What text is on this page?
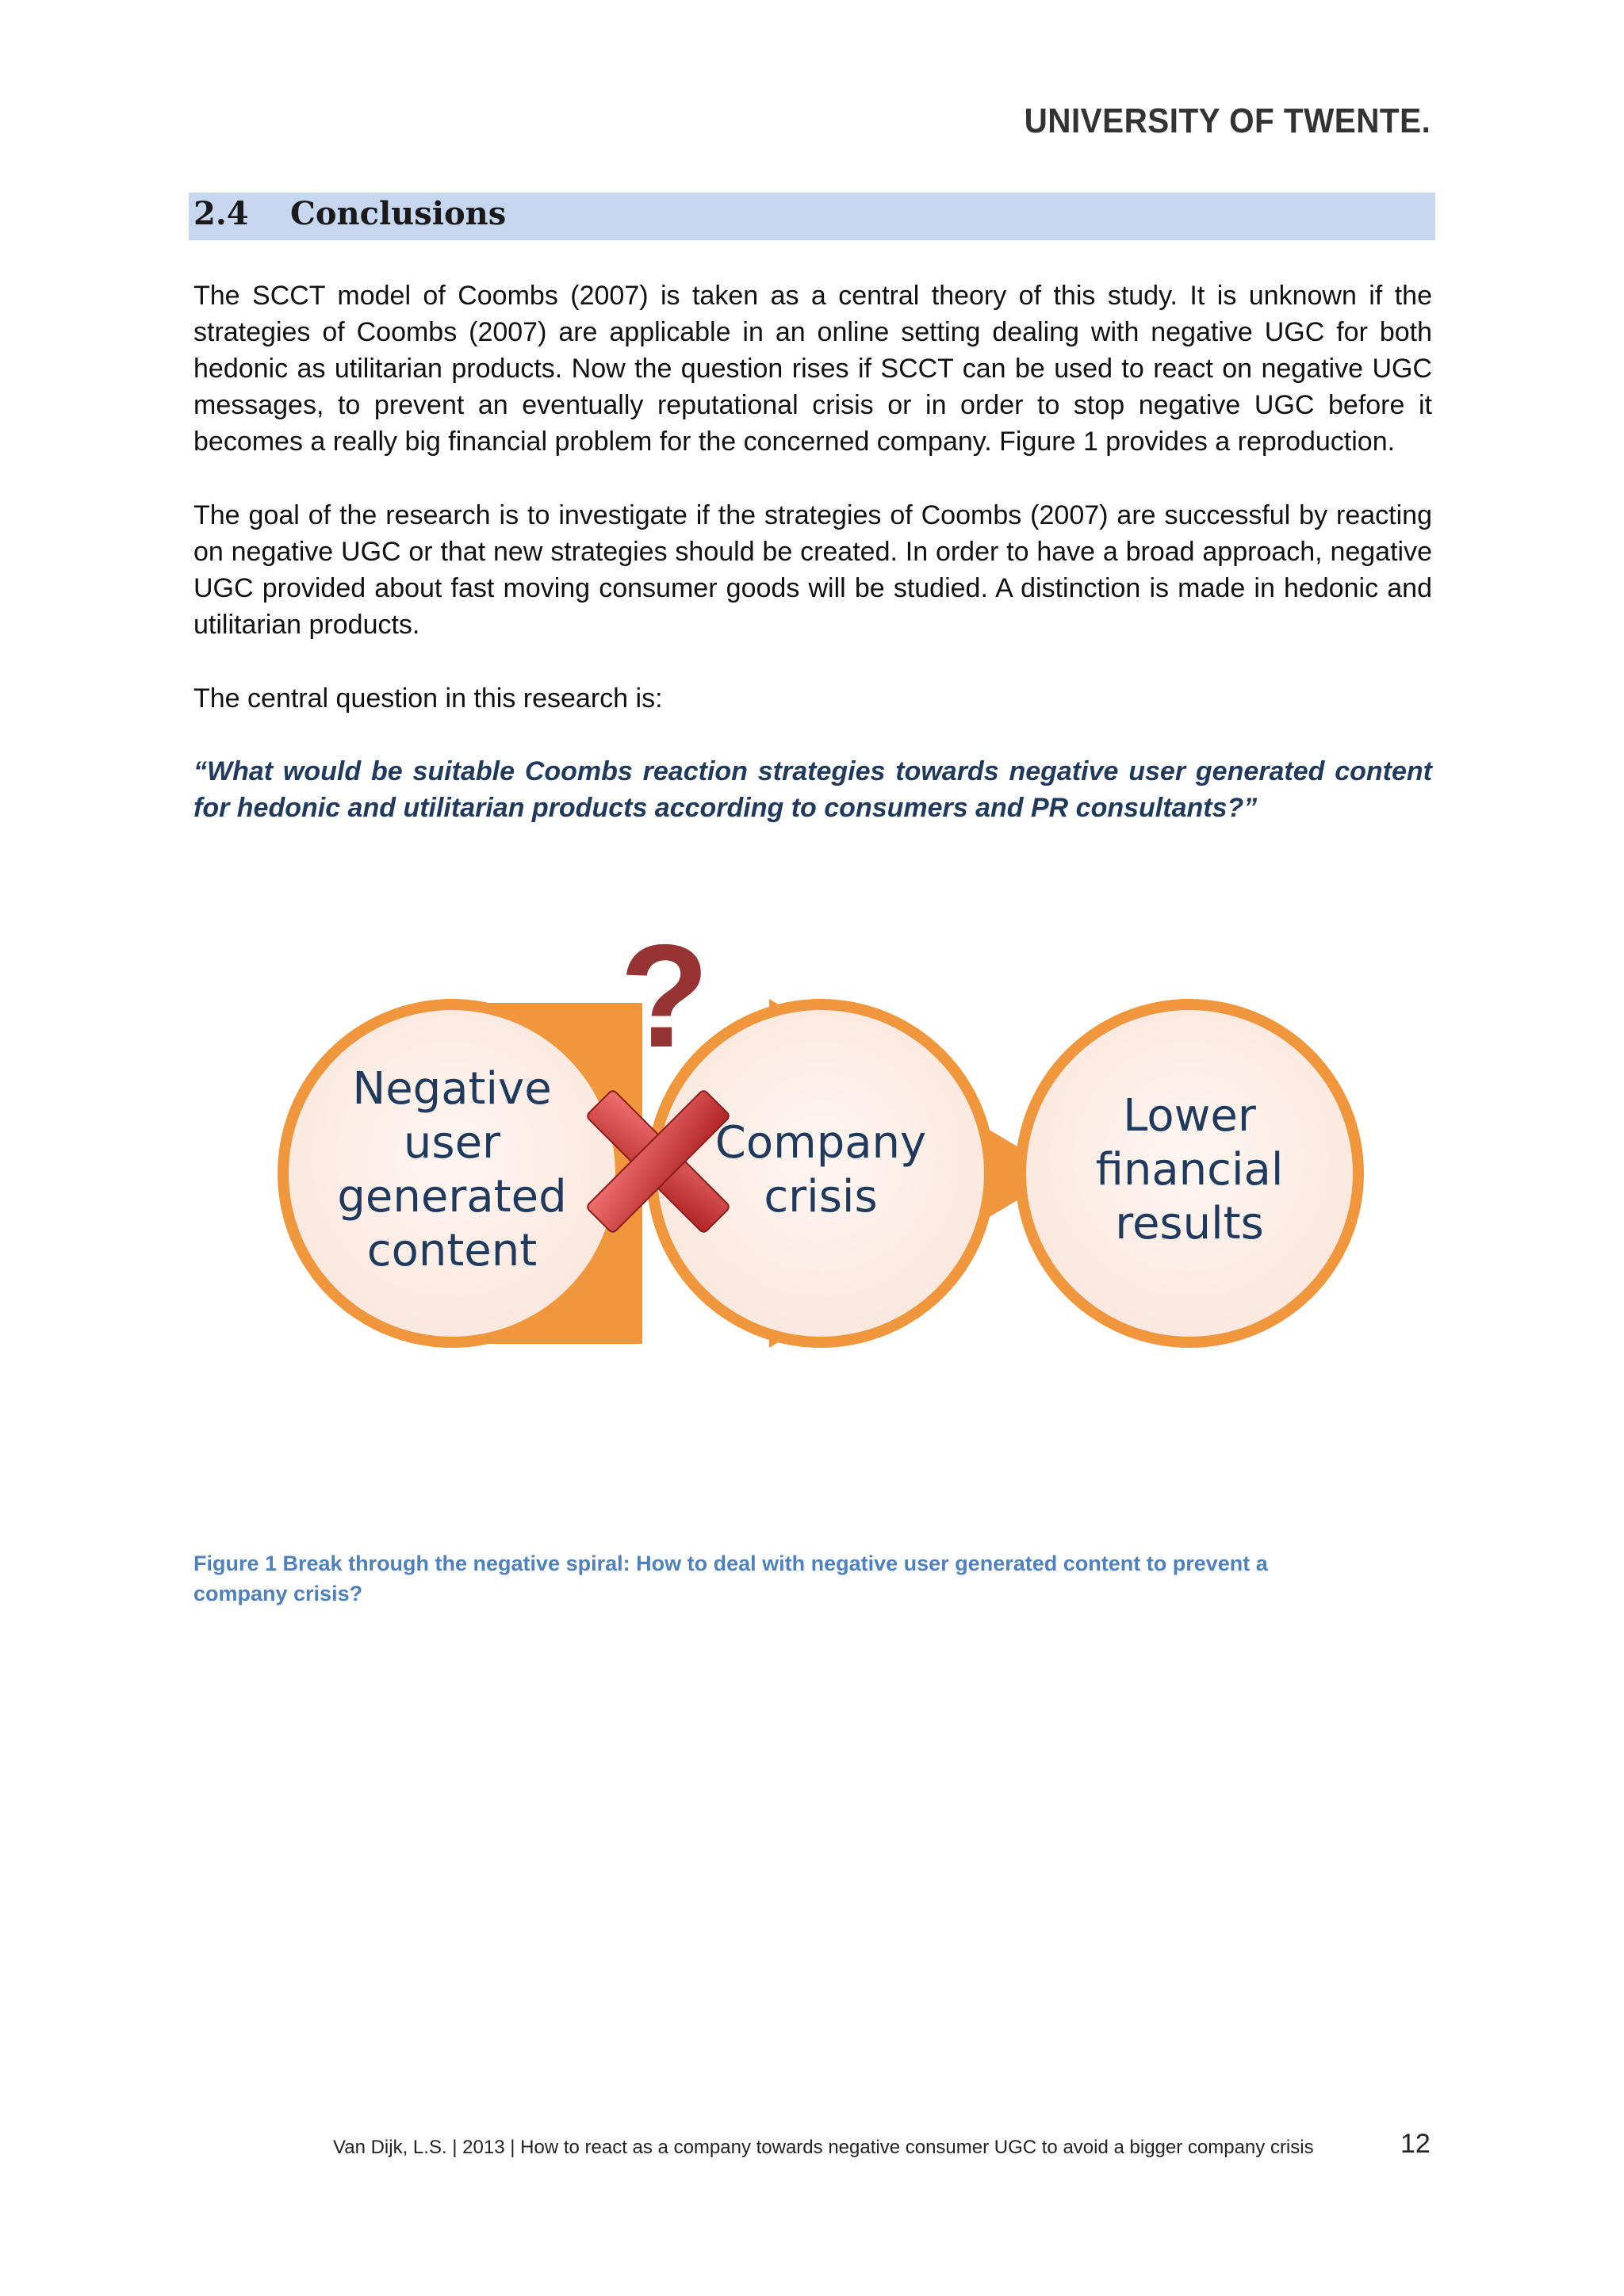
UNIVERSITY OF TWENTE.
2.4 Conclusions

The SCCT model of Coombs (2007) is taken as a central theory of this study. It is unknown if the strategies of Coombs (2007) are applicable in an online setting dealing with negative UGC for both hedonic as utilitarian products. Now the question rises if SCCT can be used to react on negative UGC messages, to prevent an eventually reputational crisis or in order to stop negative UGC before it becomes a really big financial problem for the concerned company. Figure 1 provides a reproduction.

The goal of the research is to investigate if the strategies of Coombs (2007) are successful by reacting on negative UGC or that new strategies should be created. In order to have a broad approach, negative UGC provided about fast moving consumer goods will be studied. A distinction is made in hedonic and utilitarian products.

The central question in this research is:

“What would be suitable Coombs reaction strategies towards negative user generated content for hedonic and utilitarian products according to consumers and PR consultants?”

?
Negative
user
generated
content
Company
crisis
Lower
financial
results

Figure 1 Break through the negative spiral: How to deal with negative user generated content to prevent a company crisis?

Van Dijk, L.S. | 2013 | How to react as a company towards negative consumer UGC to avoid a bigger company crisis	12
